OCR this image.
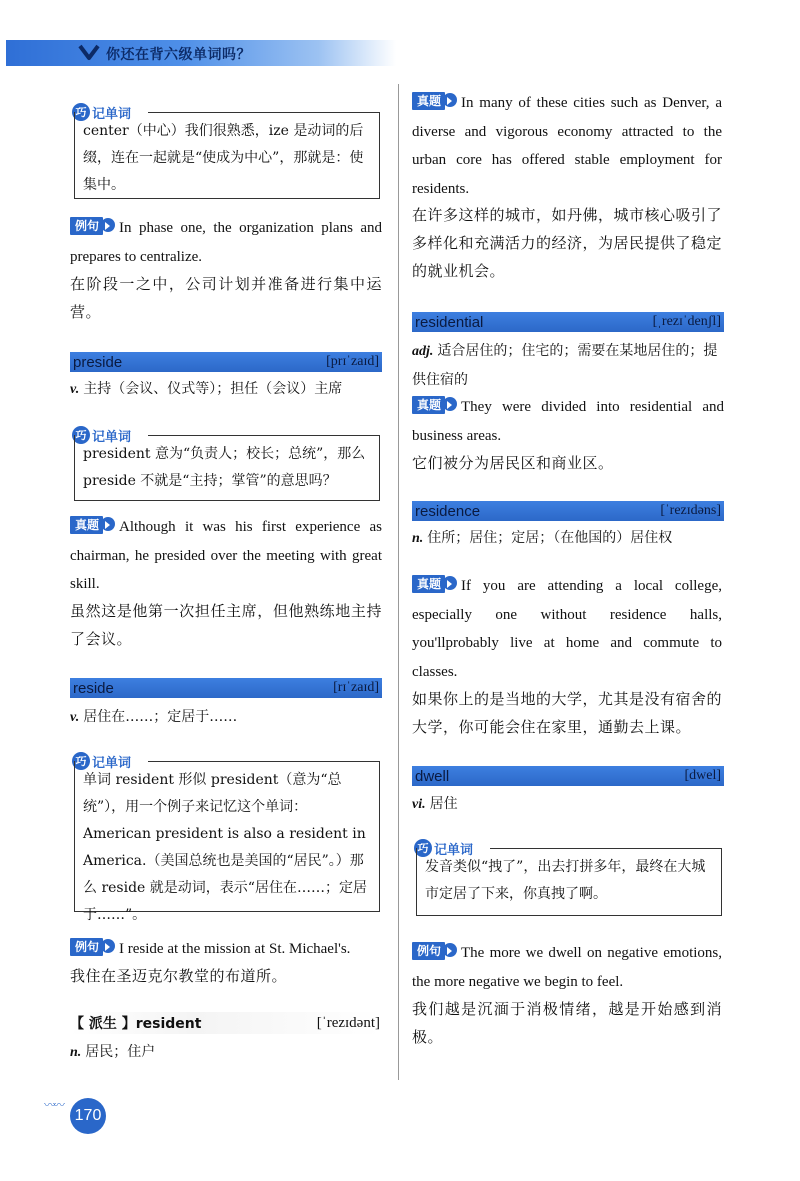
你还在背六级单词吗？
巧 记单词
center（中心）我们很熟悉，ize 是动词的后缀，连在一起就是“使成为中心”，那就是：使集中。
例句 In phase one, the organization plans and prepares to centralize.
在阶段一之中，公司计划并准备进行集中运营。
preside	[prɪˈzaɪd]
v. 主持（会议、仪式等）；担任（会议）主席
巧 记单词
president 意为“负责人；校长；总统”，那么 preside 不就是“主持；掌管”的意思吗？
真题 Although it was his first experience as chairman, he presided over the meeting with great skill.
虽然这是他第一次担任主席，但他熟练地主持了会议。
reside	[rɪˈzaɪd]
v. 居住在……；定居于……
巧 记单词
单词 resident 形似 president（意为“总统”），用一个例子来记忆这个单词：American president is also a resident in America.（美国总统也是美国的“居民”。）那么 reside 就是动词，表示“居住在……；定居于……”。
例句 I reside at the mission at St. Michael's.
我住在圣迈克尔教堂的布道所。
【 派生 】resident	[ˈrezɪdənt]
n. 居民；住户
真题 In many of these cities such as Denver, a diverse and vigorous economy attracted to the urban core has offered stable employment for residents.
在许多这样的城市，如丹佛，城市核心吸引了多样化和充满活力的经济，为居民提供了稳定的就业机会。
residential	[ˌrezɪˈdenʃl]
adj. 适合居住的；住宅的；需要在某地居住的；提供住宿的
真题 They were divided into residential and business areas.
它们被分为居民区和商业区。
residence	[ˈrezɪdəns]
n. 住所；居住；定居；（在他国的）居住权
真题 If you are attending a local college, especially one without residence halls, you'llprobably live at home and commute to classes.
如果你上的是当地的大学，尤其是没有宿舍的大学，你可能会住在家里，通勤去上课。
dwell	[dwel]
vi. 居住
巧 记单词
发音类似“拽了”，出去打拼多年，最终在大城市定居了下来，你真拽了啊。
例句 The more we dwell on negative emotions, the more negative we begin to feel.
我们越是沉湎于消极情绪，越是开始感到消极。
〰〰
170
